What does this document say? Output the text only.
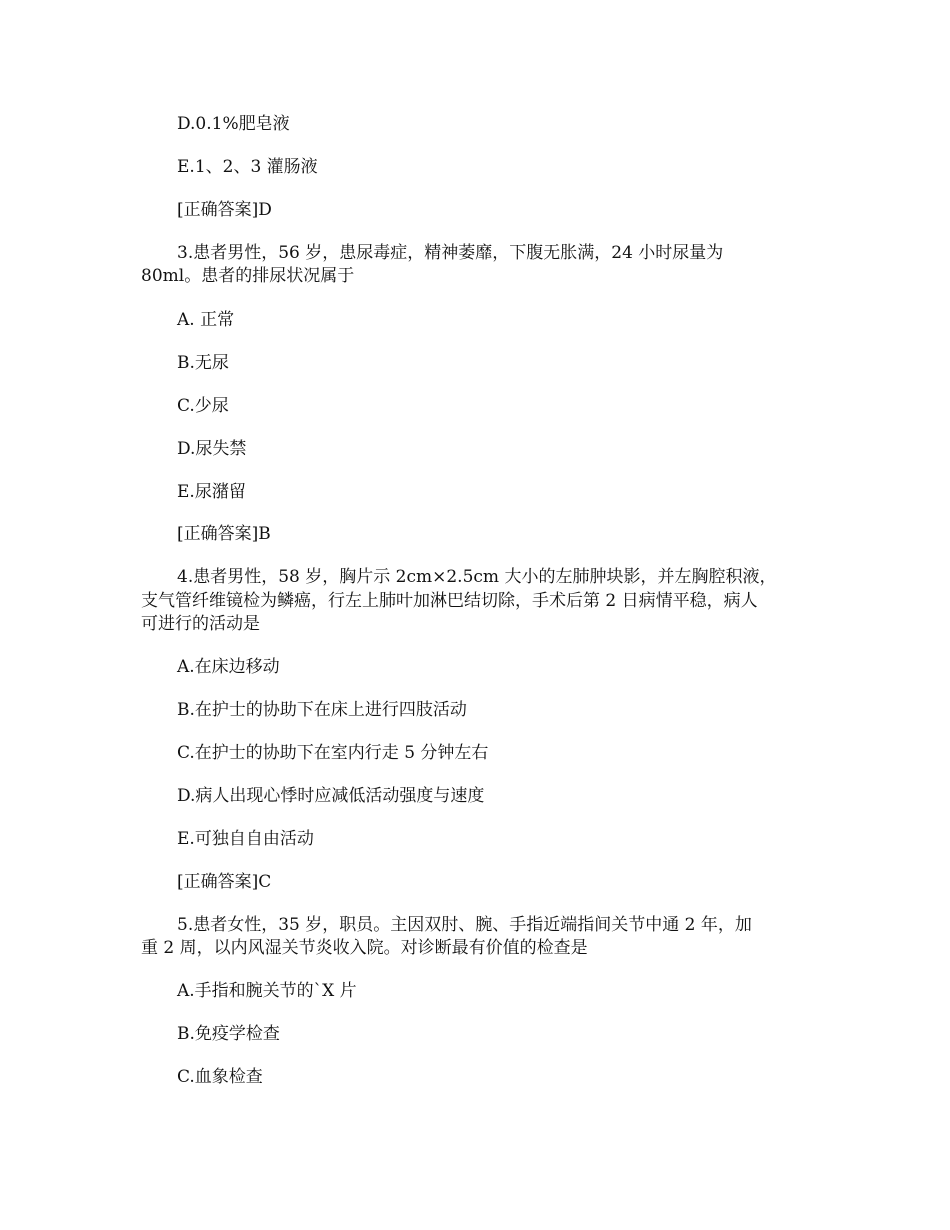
D.0.1%肥皂液
E.1、2、3 灌肠液
[正确答案]D
3.患者男性，56 岁，患尿毒症，精神萎靡，下腹无胀满，24 小时尿量为
80ml。患者的排尿状况属于
A. 正常
B.无尿
C.少尿
D.尿失禁
E.尿潴留
[正确答案]B
4.患者男性，58 岁，胸片示 2cm×2.5cm 大小的左肺肿块影，并左胸腔积液，
支气管纤维镜检为鳞癌，行左上肺叶加淋巴结切除，手术后第 2 日病情平稳，病人
可进行的活动是
A.在床边移动
B.在护士的协助下在床上进行四肢活动
C.在护士的协助下在室内行走 5 分钟左右
D.病人出现心悸时应减低活动强度与速度
E.可独自自由活动
[正确答案]C
5.患者女性，35 岁，职员。主因双肘、腕、手指近端指间关节中通 2 年，加
重 2 周，以内风湿关节炎收入院。对诊断最有价值的检查是
A.手指和腕关节的`X 片
B.免疫学检查
C.血象检查
